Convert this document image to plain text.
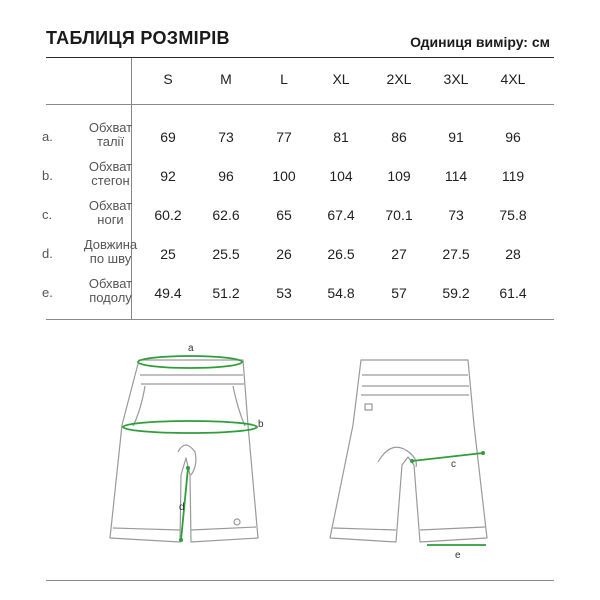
ТАБЛИЦЯ РОЗМІРІВ	Одиниця виміру: см
S	M	L	XL	2XL	3XL	4XL
a.
Обхват
талії	69	73	77	81	86	91	96
b.
Обхват
стегон	92	96	100	104	109	114	119
c.
Обхват
ноги	60.2	62.6	65	67.4	70.1	73	75.8
d.
Довжина
по шву	25	25.5	26	26.5	27	27.5	28
e.
Обхват
подолу	49.4	51.2	53	54.8	57	59.2	61.4
a
b
c
d
e
